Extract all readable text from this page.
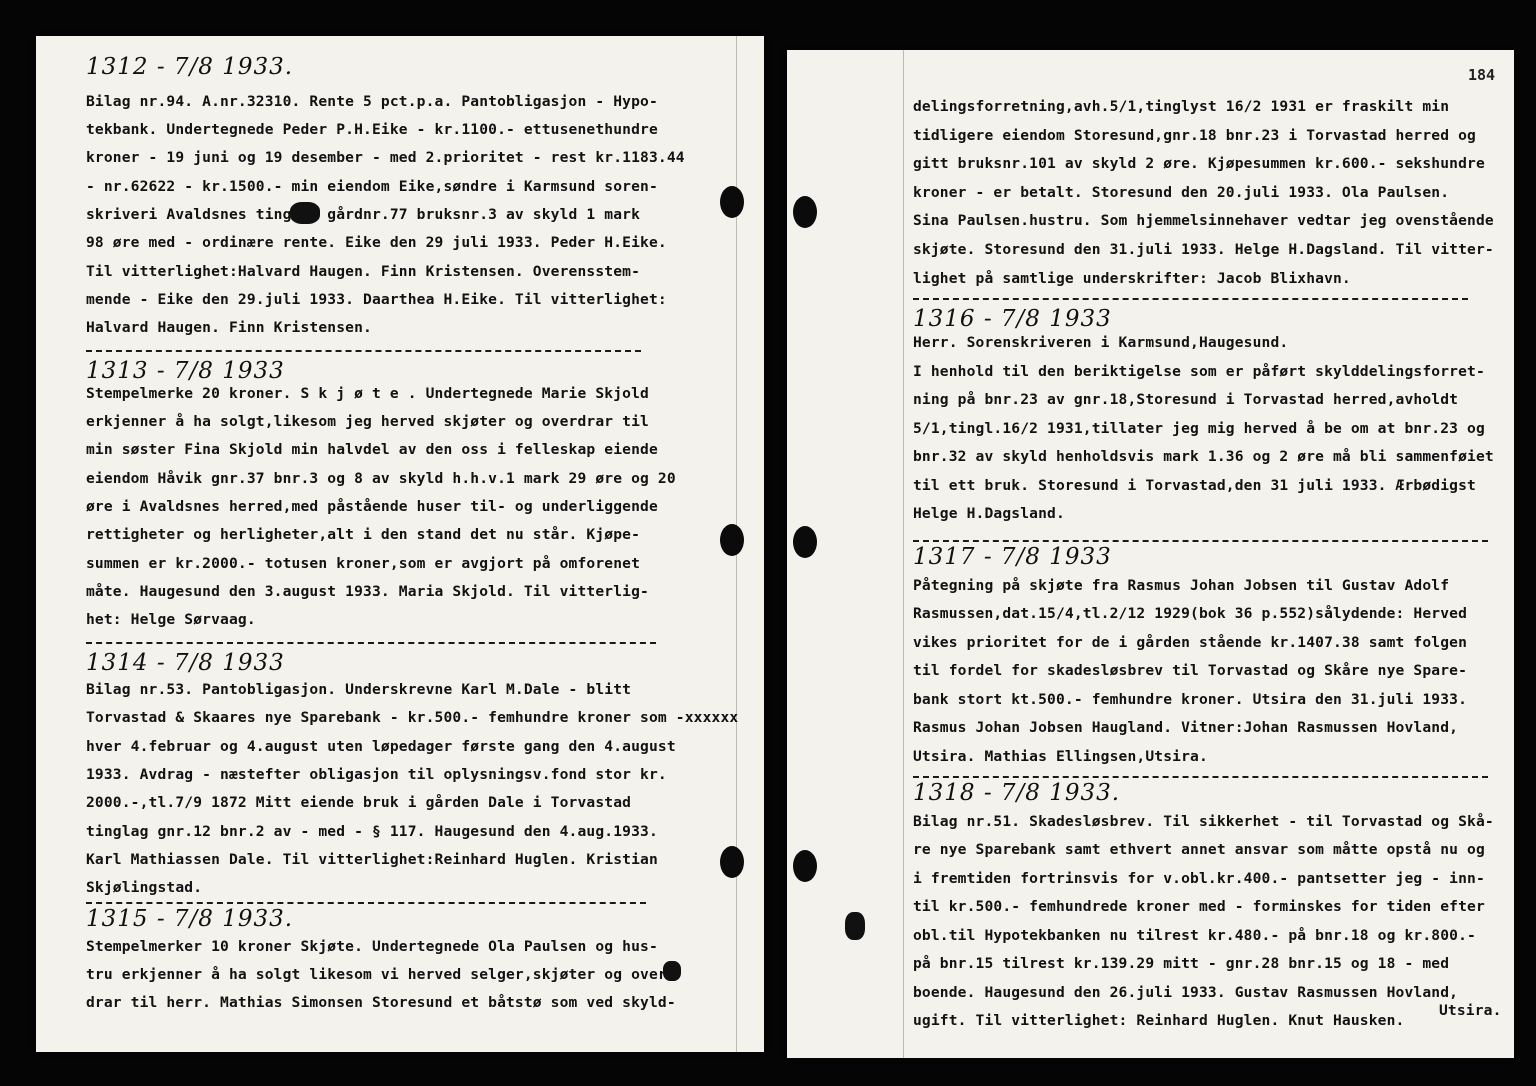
1312 - 7/8 1933.
Bilag nr.94. A.nr.32310. Rente 5 pct.p.a. Pantobligasjon - Hypo-
tekbank. Undertegnede Peder P.H.Eike - kr.1100.- ettusenethundre
kroner - 19 juni og 19 desember - med 2.prioritet - rest kr.1183.44
- nr.62622 - kr.1500.- min eiendom Eike,søndre i Karmsund soren-
skriveri Avaldsnes tinglag gårdnr.77 bruksnr.3 av skyld 1 mark
98 øre med - ordinære rente. Eike den 29 juli 1933. Peder H.Eike.
Til vitterlighet:Halvard Haugen. Finn Kristensen. Overensstem-
mende - Eike den 29.juli 1933. Daarthea H.Eike. Til vitterlighet:
Halvard Haugen. Finn Kristensen.
1313 - 7/8 1933
Stempelmerke 20 kroner. S k j ø t e . Undertegnede Marie Skjold
erkjenner å ha solgt,likesom jeg herved skjøter og overdrar til
min søster Fina Skjold min halvdel av den oss i felleskap eiende
eiendom Håvik gnr.37 bnr.3 og 8 av skyld h.h.v.1 mark 29 øre og 20
øre i Avaldsnes herred,med påstående huser til- og underliggende
rettigheter og herligheter,alt i den stand det nu står. Kjøpe-
summen er kr.2000.- totusen kroner,som er avgjort på omforenet
måte. Haugesund den 3.august 1933. Maria Skjold. Til vitterlig-
het: Helge Sørvaag.
1314 - 7/8 1933
Bilag nr.53. Pantobligasjon. Underskrevne Karl M.Dale - blitt
Torvastad & Skaares nye Sparebank - kr.500.- femhundre kroner som -xxxxxx
hver 4.februar og 4.august uten løpedager første gang den 4.august
1933. Avdrag - næstefter obligasjon til oplysningsv.fond stor kr.
2000.-,tl.7/9 1872 Mitt eiende bruk i gården Dale i Torvastad
tinglag gnr.12 bnr.2 av - med - § 117. Haugesund den 4.aug.1933.
Karl Mathiassen Dale. Til vitterlighet:Reinhard Huglen. Kristian
Skjølingstad.
1315 - 7/8 1933.
Stempelmerker 10 kroner Skjøte. Undertegnede Ola Paulsen og hus-
tru erkjenner å ha solgt likesom vi herved selger,skjøter og over-
drar til herr. Mathias Simonsen Storesund et båtstø som ved skyld-
184
delingsforretning,avh.5/1,tinglyst 16/2 1931 er fraskilt min
tidligere eiendom Storesund,gnr.18 bnr.23 i Torvastad herred og
gitt bruksnr.101 av skyld 2 øre. Kjøpesummen kr.600.- sekshundre
kroner - er betalt. Storesund den 20.juli 1933. Ola Paulsen.
Sina Paulsen.hustru. Som hjemmelsinnehaver vedtar jeg ovenstående
skjøte. Storesund den 31.juli 1933. Helge H.Dagsland. Til vitter-
lighet på samtlige underskrifter: Jacob Blixhavn.
1316 - 7/8 1933
Herr. Sorenskriveren i Karmsund,Haugesund.
I henhold til den beriktigelse som er påført skylddelingsforret-
ning på bnr.23 av gnr.18,Storesund i Torvastad herred,avholdt
5/1,tingl.16/2 1931,tillater jeg mig herved å be om at bnr.23 og
bnr.32 av skyld henholdsvis mark 1.36 og 2 øre må bli sammenføiet
til ett bruk. Storesund i Torvastad,den 31 juli 1933. Ærbødigst
Helge H.Dagsland.
1317 - 7/8 1933
Påtegning på skjøte fra Rasmus Johan Jobsen til Gustav Adolf
Rasmussen,dat.15/4,tl.2/12 1929(bok 36 p.552)sålydende: Herved
vikes prioritet for de i gården stående kr.1407.38 samt folgen
til fordel for skadesløsbrev til Torvastad og Skåre nye Spare-
bank stort kt.500.- femhundre kroner. Utsira den 31.juli 1933.
Rasmus Johan Jobsen Haugland. Vitner:Johan Rasmussen Hovland,
Utsira. Mathias Ellingsen,Utsira.
1318 - 7/8 1933.
Bilag nr.51. Skadesløsbrev. Til sikkerhet - til Torvastad og Skå-
re nye Sparebank samt ethvert annet ansvar som måtte opstå nu og
i fremtiden fortrinsvis for v.obl.kr.400.- pantsetter jeg - inn-
til kr.500.- femhundrede kroner med - forminskes for tiden efter
obl.til Hypotekbanken nu tilrest kr.480.- på bnr.18 og kr.800.-
på bnr.15 tilrest kr.139.29 mitt - gnr.28 bnr.15 og 18 - med
boende. Haugesund den 26.juli 1933. Gustav Rasmussen Hovland,
ugift. Til vitterlighet: Reinhard Huglen. Knut Hausken.
Utsira.
